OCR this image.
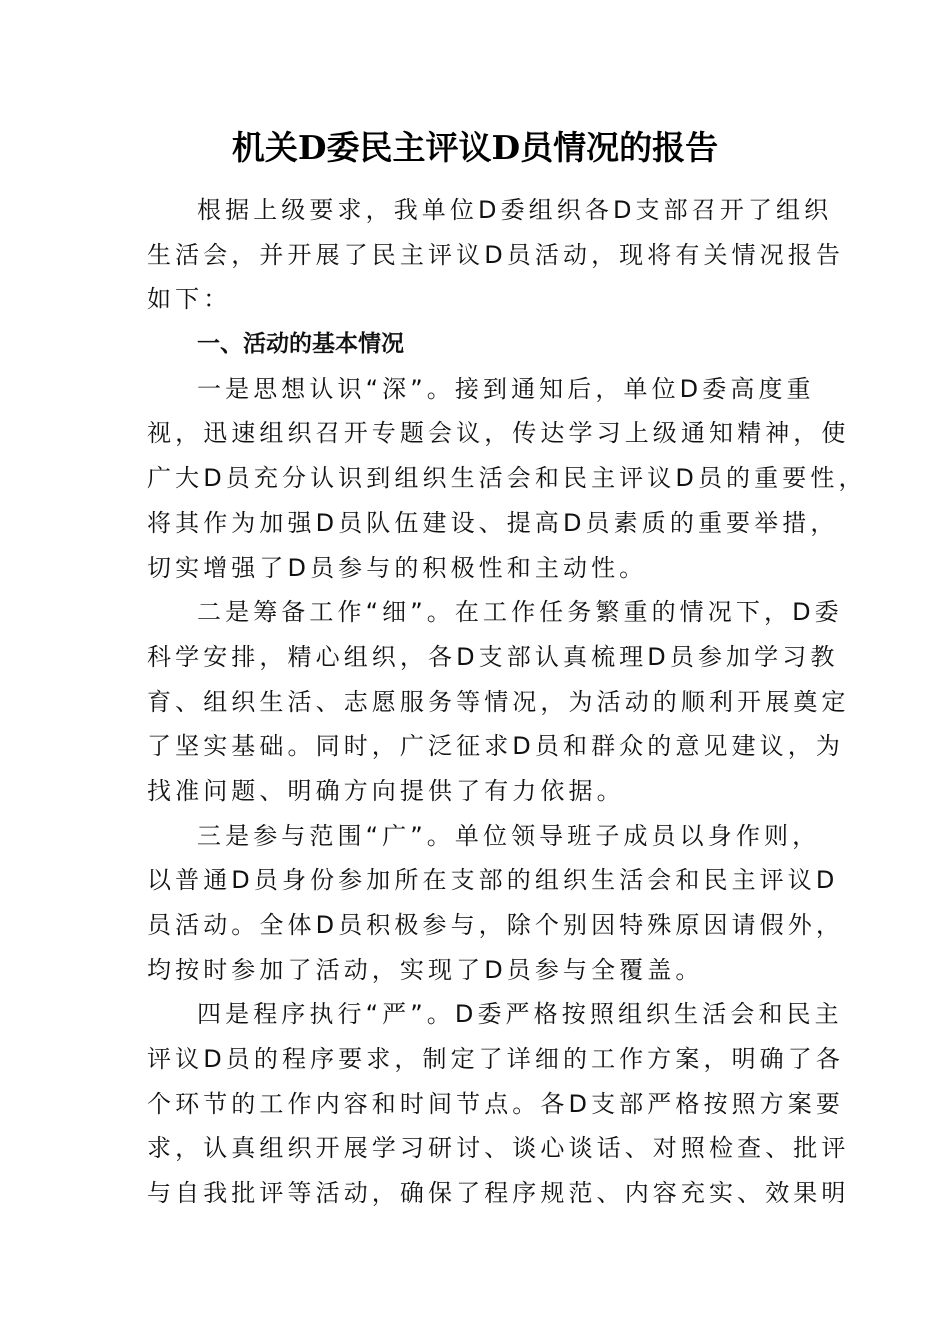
机关D委民主评议D员情况的报告
根据上级要求，我单位D委组织各D支部召开了组织
生活会，并开展了民主评议D员活动，现将有关情况报告
如下：
一、活动的基本情况
一是思想认识“深”。接到通知后，单位D委高度重
视，迅速组织召开专题会议，传达学习上级通知精神，使
广大D员充分认识到组织生活会和民主评议D员的重要性，
将其作为加强D员队伍建设、提高D员素质的重要举措，
切实增强了D员参与的积极性和主动性。
二是筹备工作“细”。在工作任务繁重的情况下，D委
科学安排，精心组织，各D支部认真梳理D员参加学习教
育、组织生活、志愿服务等情况，为活动的顺利开展奠定
了坚实基础。同时，广泛征求D员和群众的意见建议，为
找准问题、明确方向提供了有力依据。
三是参与范围“广”。单位领导班子成员以身作则，
以普通D员身份参加所在支部的组织生活会和民主评议D
员活动。全体D员积极参与，除个别因特殊原因请假外，
均按时参加了活动，实现了D员参与全覆盖。
四是程序执行“严”。D委严格按照组织生活会和民主
评议D员的程序要求，制定了详细的工作方案，明确了各
个环节的工作内容和时间节点。各D支部严格按照方案要
求，认真组织开展学习研讨、谈心谈话、对照检查、批评
与自我批评等活动，确保了程序规范、内容充实、效果明
